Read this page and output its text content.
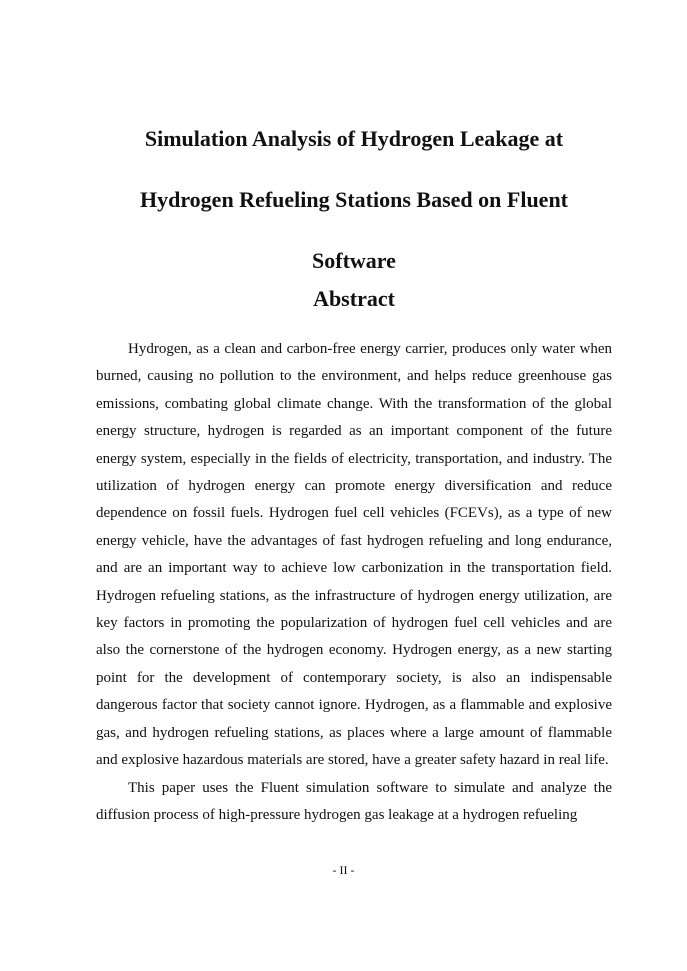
Simulation Analysis of Hydrogen Leakage at
Hydrogen Refueling Stations Based on Fluent
Software
Abstract

Hydrogen, as a clean and carbon-free energy carrier, produces only water when burned, causing no pollution to the environment, and helps reduce greenhouse gas emissions, combating global climate change. With the transformation of the global energy structure, hydrogen is regarded as an important component of the future energy system, especially in the fields of electricity, transportation, and industry. The utilization of hydrogen energy can promote energy diversification and reduce dependence on fossil fuels. Hydrogen fuel cell vehicles (FCEVs), as a type of new energy vehicle, have the advantages of fast hydrogen refueling and long endurance, and are an important way to achieve low carbonization in the transportation field. Hydrogen refueling stations, as the infrastructure of hydrogen energy utilization, are key factors in promoting the popularization of hydrogen fuel cell vehicles and are also the cornerstone of the hydrogen economy. Hydrogen energy, as a new starting point for the development of contemporary society, is also an indispensable dangerous factor that society cannot ignore. Hydrogen, as a flammable and explosive gas, and hydrogen refueling stations, as places where a large amount of flammable and explosive hazardous materials are stored, have a greater safety hazard in real life.

This paper uses the Fluent simulation software to simulate and analyze the diffusion process of high-pressure hydrogen gas leakage at a hydrogen refueling

- II -
